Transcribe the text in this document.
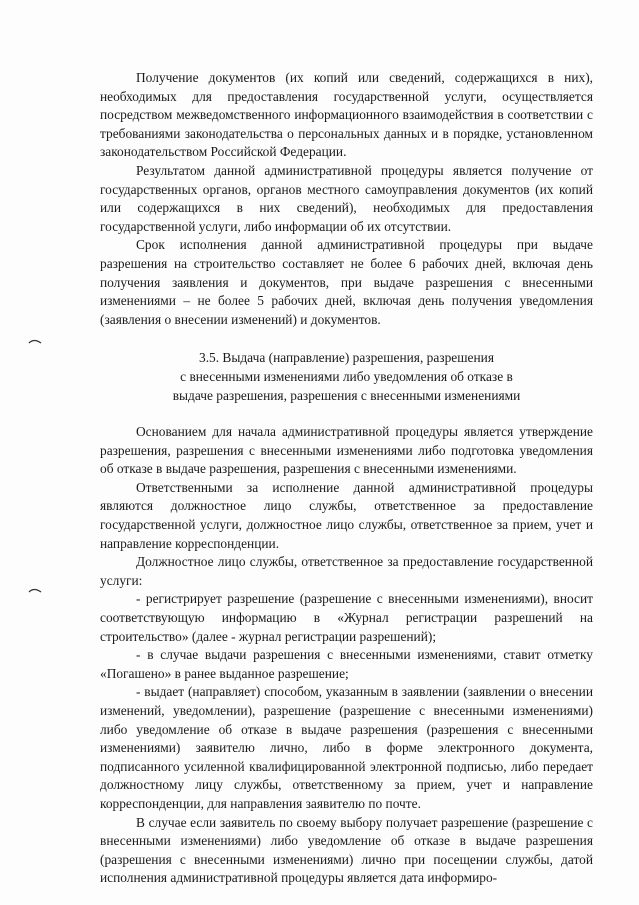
Получение документов (их копий или сведений, содержащихся в них), необходимых для предоставления государственной услуги, осуществляется посредством межведомственного информационного взаимодействия в соответствии с требованиями законодательства о персональных данных и в порядке, установленном законодательством Российской Федерации.

Результатом данной административной процедуры является получение от государственных органов, органов местного самоуправления документов (их копий или содержащихся в них сведений), необходимых для предоставления государственной услуги, либо информации об их отсутствии.

Срок исполнения данной административной процедуры при выдаче разрешения на строительство составляет не более 6 рабочих дней, включая день получения заявления и документов, при выдаче разрешения с внесенными изменениями – не более 5 рабочих дней, включая день получения уведомления (заявления о внесении изменений) и документов.

3.5. Выдача (направление) разрешения, разрешения
с внесенными изменениями либо уведомления об отказе в
выдаче разрешения, разрешения с внесенными изменениями

Основанием для начала административной процедуры является утверждение разрешения, разрешения с внесенными изменениями либо подготовка уведомления об отказе в выдаче разрешения, разрешения с внесенными изменениями.

Ответственными за исполнение данной административной процедуры являются должностное лицо службы, ответственное за предоставление государственной услуги, должностное лицо службы, ответственное за прием, учет и направление корреспонденции.

Должностное лицо службы, ответственное за предоставление государственной услуги:

- регистрирует разрешение (разрешение с внесенными изменениями), вносит соответствующую информацию в «Журнал регистрации разрешений на строительство» (далее - журнал регистрации разрешений);

- в случае выдачи разрешения с внесенными изменениями, ставит отметку «Погашено» в ранее выданное разрешение;

- выдает (направляет) способом, указанным в заявлении (заявлении о внесении изменений, уведомлении), разрешение (разрешение с внесенными изменениями) либо уведомление об отказе в выдаче разрешения (разрешения с внесенными изменениями) заявителю лично, либо в форме электронного документа, подписанного усиленной квалифицированной электронной подписью, либо передает должностному лицу службы, ответственному за прием, учет и направление корреспонденции, для направления заявителю по почте.

В случае если заявитель по своему выбору получает разрешение (разрешение с внесенными изменениями) либо уведомление об отказе в выдаче разрешения (разрешения с внесенными изменениями) лично при посещении службы, датой исполнения административной процедуры является дата информиро-
